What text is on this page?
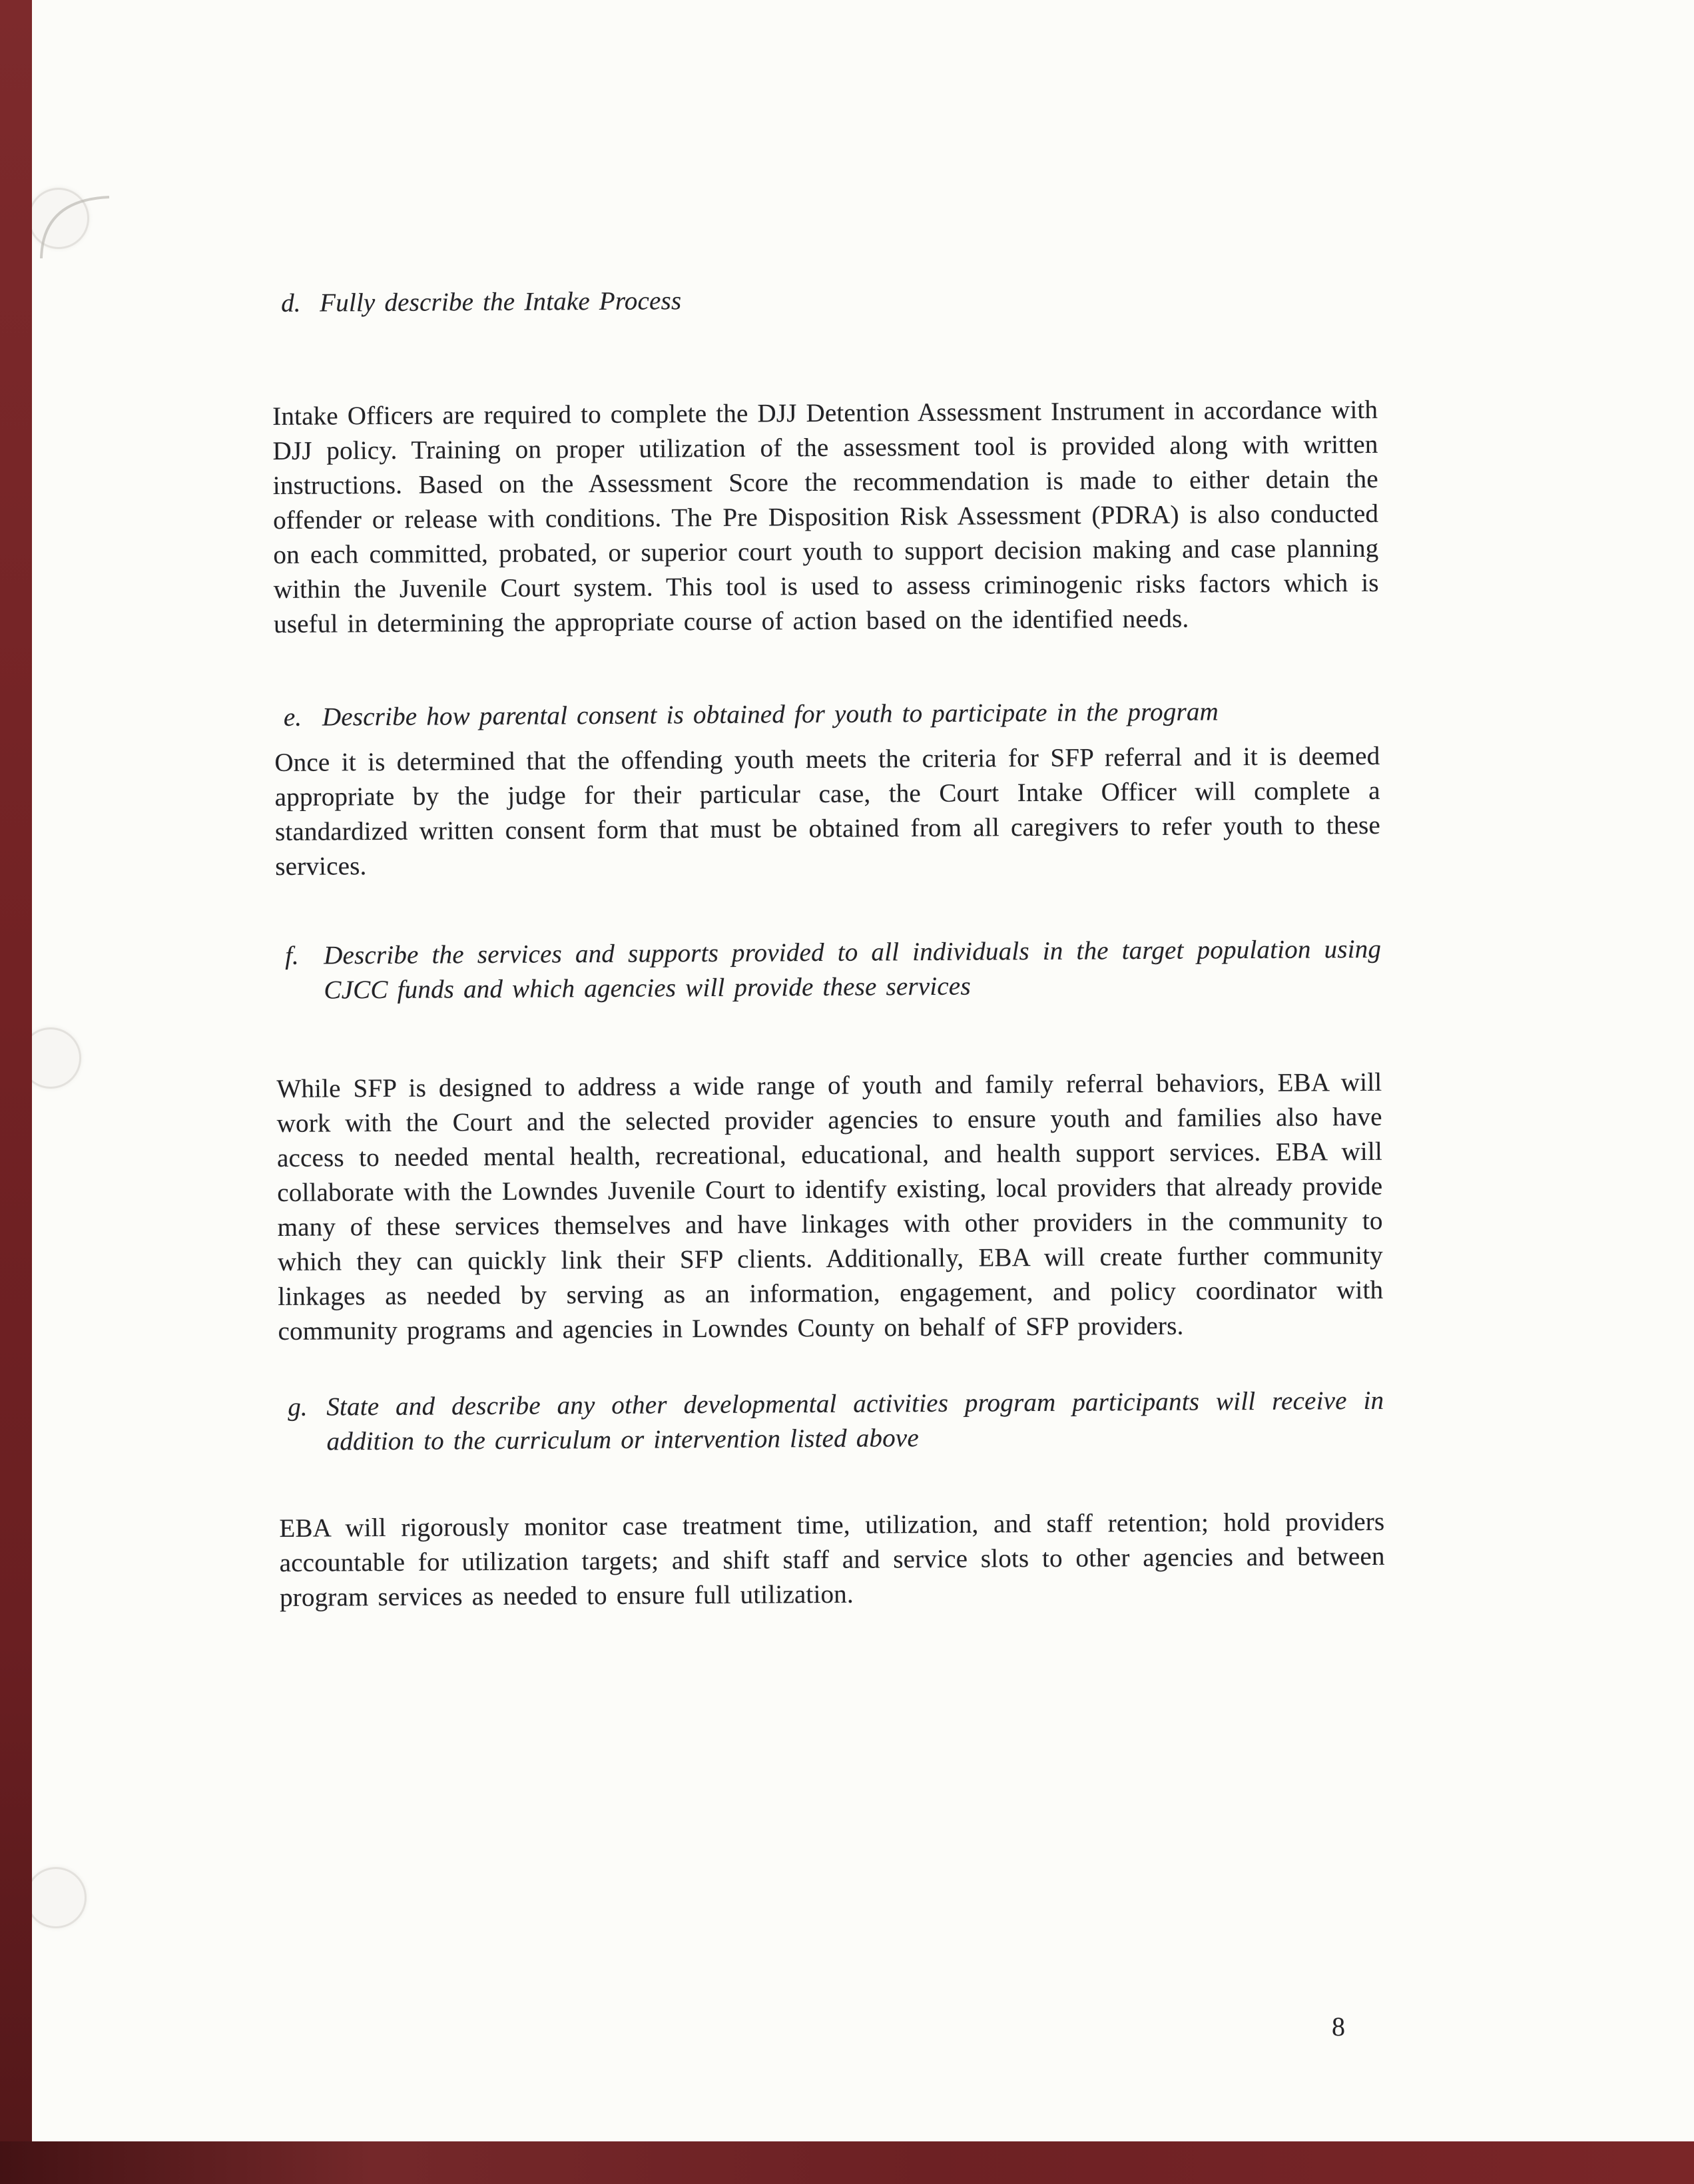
d. Fully describe the Intake Process

Intake Officers are required to complete the DJJ Detention Assessment Instrument in accordance with DJJ policy. Training on proper utilization of the assessment tool is provided along with written instructions. Based on the Assessment Score the recommendation is made to either detain the offender or release with conditions. The Pre Disposition Risk Assessment (PDRA) is also conducted on each committed, probated, or superior court youth to support decision making and case planning within the Juvenile Court system. This tool is used to assess criminogenic risks factors which is useful in determining the appropriate course of action based on the identified needs.

e. Describe how parental consent is obtained for youth to participate in the program

Once it is determined that the offending youth meets the criteria for SFP referral and it is deemed appropriate by the judge for their particular case, the Court Intake Officer will complete a standardized written consent form that must be obtained from all caregivers to refer youth to these services.

f. Describe the services and supports provided to all individuals in the target population using CJCC funds and which agencies will provide these services

While SFP is designed to address a wide range of youth and family referral behaviors, EBA will work with the Court and the selected provider agencies to ensure youth and families also have access to needed mental health, recreational, educational, and health support services. EBA will collaborate with the Lowndes Juvenile Court to identify existing, local providers that already provide many of these services themselves and have linkages with other providers in the community to which they can quickly link their SFP clients. Additionally, EBA will create further community linkages as needed by serving as an information, engagement, and policy coordinator with community programs and agencies in Lowndes County on behalf of SFP providers.

g. State and describe any other developmental activities program participants will receive in addition to the curriculum or intervention listed above

EBA will rigorously monitor case treatment time, utilization, and staff retention; hold providers accountable for utilization targets; and shift staff and service slots to other agencies and between program services as needed to ensure full utilization.

8
